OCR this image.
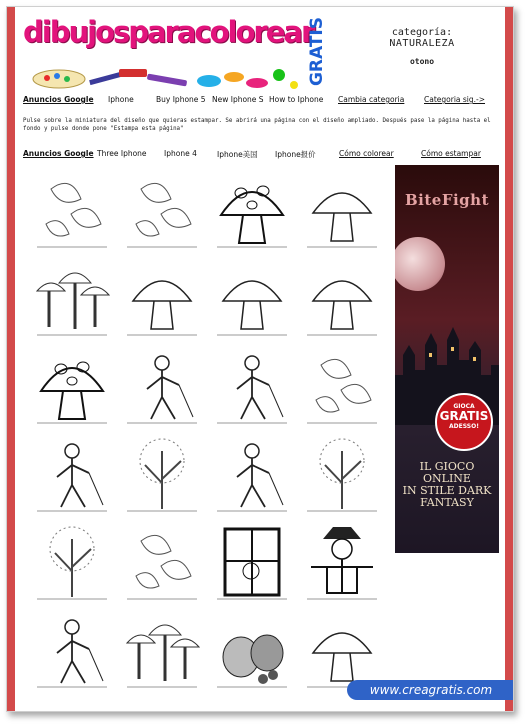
dibujosparacolorear
GRATIS	categoría:
NATURALEZA
otono
Anuncios Google Iphone	Buy Iphone 5 New Iphone S How to Iphone Cambia categoria	Categoria sig.->
Pulse sobre la miniatura del diseño que quieras estampar. Se abrirá una página con el diseño ampliado. Después pase la página hasta el fondo y pulse donde pone "Estampa esta página"
Anuncios Google Three Iphone Iphone 4	Iphone美国 Iphone报价	Cómo colorear	Cómo estampar
BiteFight
GIOCA
GRATIS
ADESSO!
IL GIOCO ONLINE
IN STILE DARK
FANTASY
www.creagratis.com
